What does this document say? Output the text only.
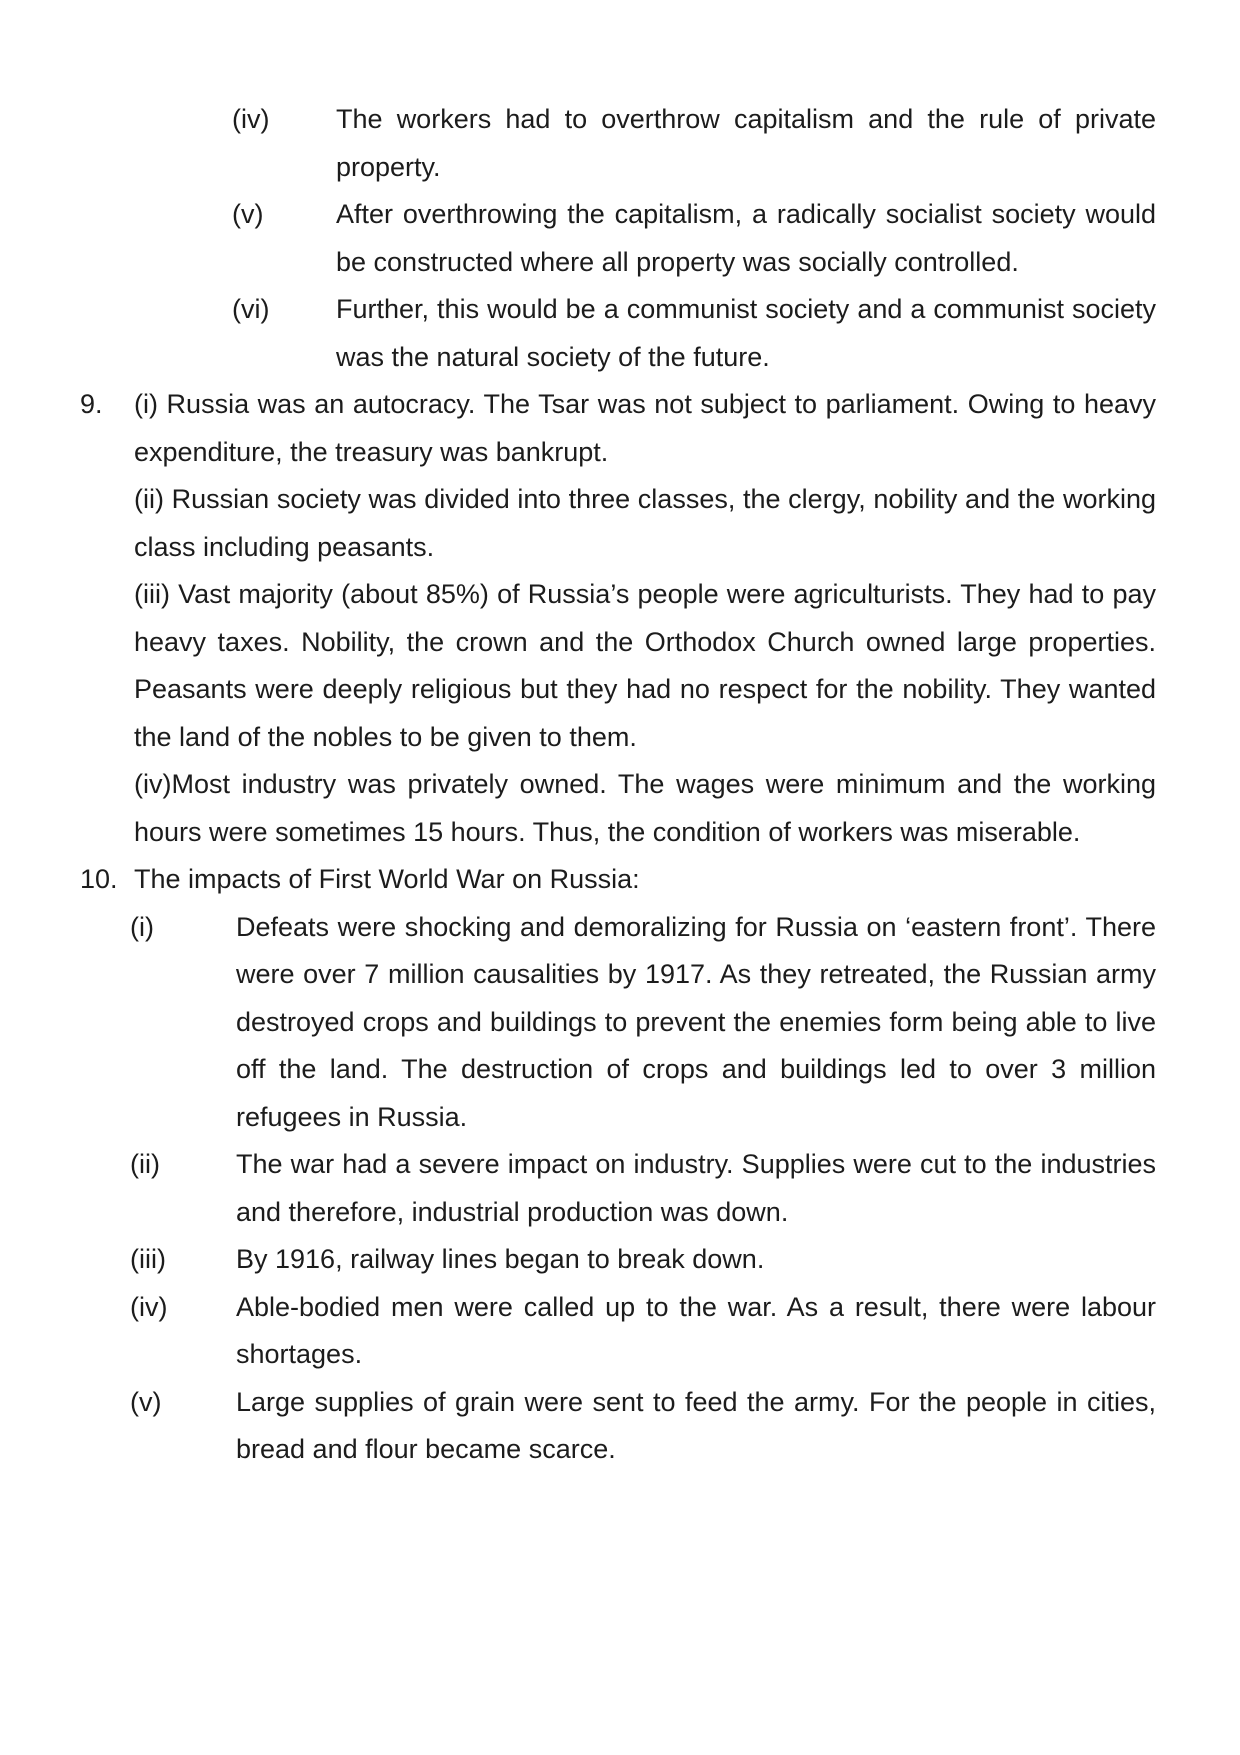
(iv)	The workers had to overthrow capitalism and the rule of private property.
(v)	After overthrowing the capitalism, a radically socialist society would be constructed where all property was socially controlled.
(vi)	Further, this would be a communist society and a communist society was the natural society of the future.
9.	(i) Russia was an autocracy. The Tsar was not subject to parliament. Owing to heavy expenditure, the treasury was bankrupt.
(ii) Russian society was divided into three classes, the clergy, nobility and the working class including peasants.
(iii) Vast majority (about 85%) of Russia’s people were agriculturists. They had to pay heavy taxes. Nobility, the crown and the Orthodox Church owned large properties. Peasants were deeply religious but they had no respect for the nobility. They wanted the land of the nobles to be given to them.
(iv)Most industry was privately owned. The wages were minimum and the working hours were sometimes 15 hours. Thus, the condition of workers was miserable.
10. The impacts of First World War on Russia:
(i)	Defeats were shocking and demoralizing for Russia on ‘eastern front’. There were over 7 million causalities by 1917. As they retreated, the Russian army destroyed crops and buildings to prevent the enemies form being able to live off the land. The destruction of crops and buildings led to over 3 million refugees in Russia.
(ii)	The war had a severe impact on industry. Supplies were cut to the industries and therefore, industrial production was down.
(iii)	By 1916, railway lines began to break down.
(iv)	Able-bodied men were called up to the war. As a result, there were labour shortages.
(v)	Large supplies of grain were sent to feed the army. For the people in cities, bread and flour became scarce.
